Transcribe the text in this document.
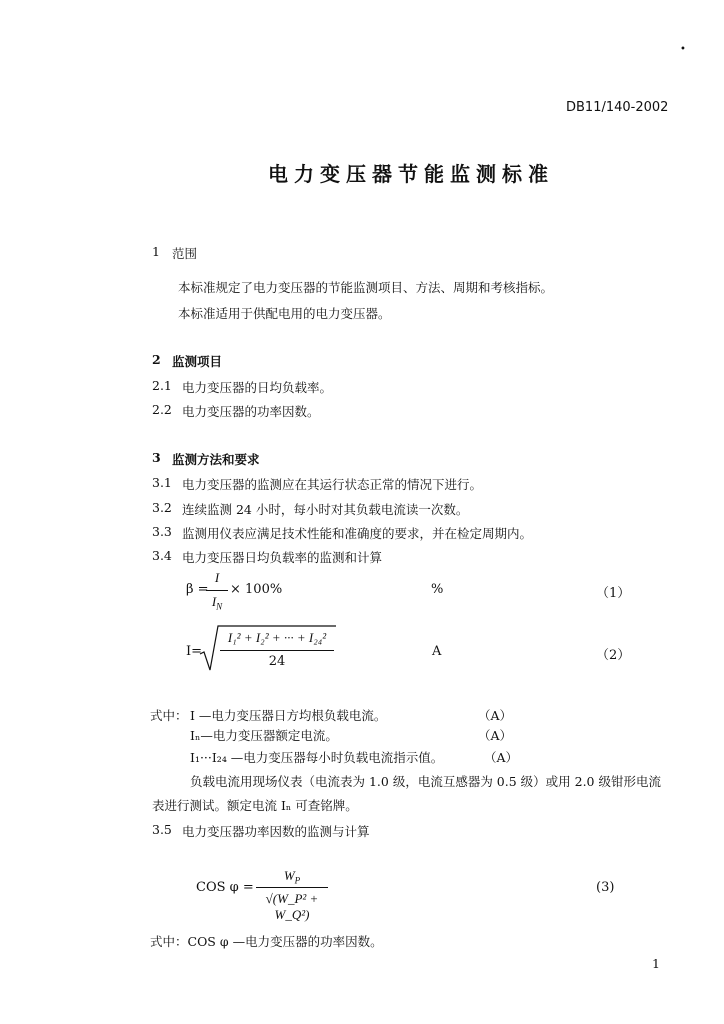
•
DB11/140-2002
电力变压器节能监测标准
1 范围
本标准规定了电力变压器的节能监测项目、方法、周期和考核指标。
本标准适用于供配电用的电力变压器。
2 监测项目
2.1 电力变压器的日均负载率。
2.2 电力变压器的功率因数。
3 监测方法和要求
3.1 电力变压器的监测应在其运行状态正常的情况下进行。
3.2 连续监测 24 小时，每小时对其负载电流读一次数。
3.3 监测用仪表应满足技术性能和准确度的要求，并在检定周期内。
3.4 电力变压器日均负载率的监测和计算
β =
I
$I_N$
× 100%	%	（1）
I=
I₁² + I₂² + ··· + I₂₄²
24
A	（2）
式中： I —电力变压器日方均根负载电流。	（A）
Iₙ—电力变压器额定电流。	（A）
I₁···I₂₄ —电力变压器每小时负载电流指示值。	（A）
负载电流用现场仪表（电流表为 1.0 级，电流互感器为 0.5 级）或用 2.0 级钳形电流
表进行测试。额定电流 Iₙ 可查铭牌。
3.5 电力变压器功率因数的监测与计算
COS φ =
$W_P$
√(W_P² + W_Q²)
(3)
式中：COS φ —电力变压器的功率因数。
1
